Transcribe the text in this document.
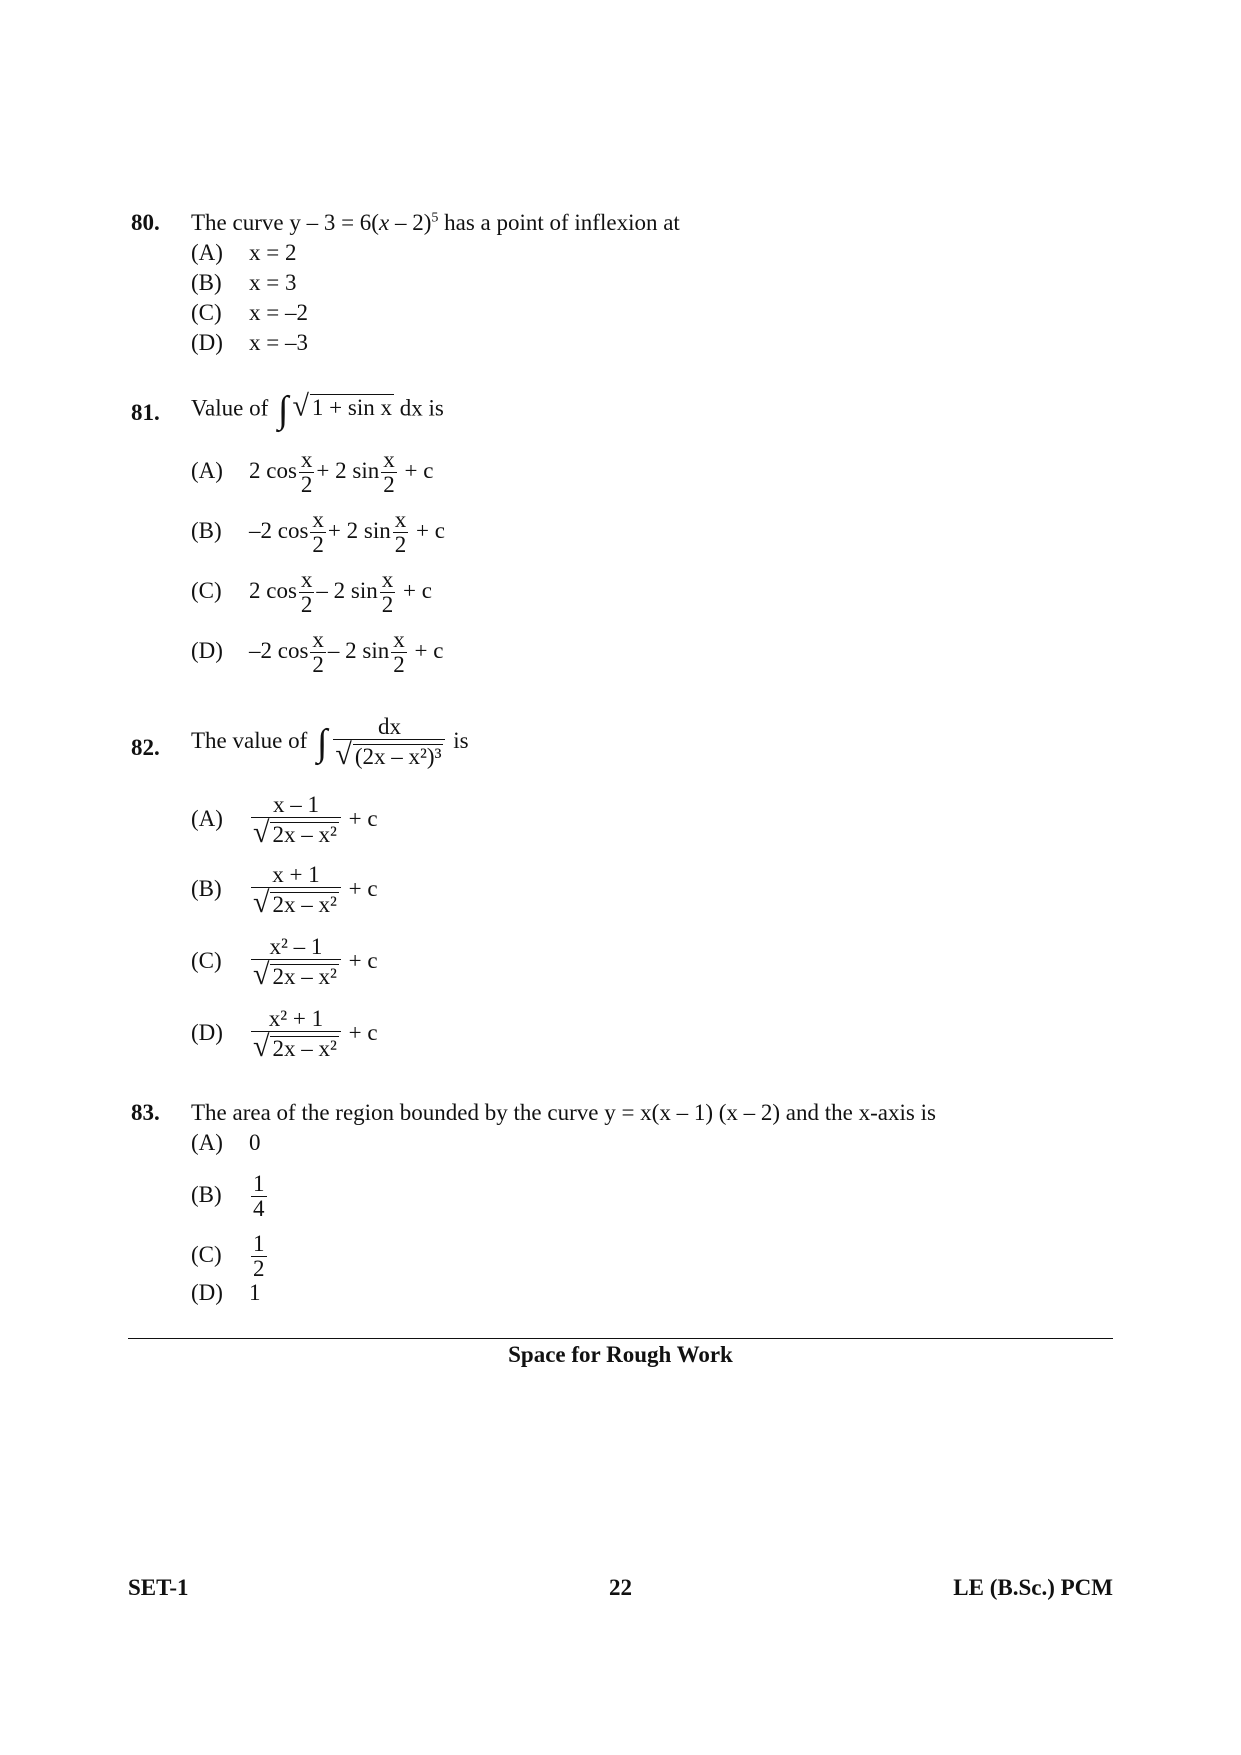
80. The curve y – 3 = 6(x – 2)$^5$ has a point of inflexion at
(A) x = 2
(B) x = 3
(C) x = –2
(D) x = –3
81. Value of ∫ √ 1 + sin x dx is
(A) 2 $\cos \frac{x}{2} + 2$ $\sin \frac{x}{2} + c$
(B) –2 $\cos \frac{x}{2} + 2$ $\sin \frac{x}{2} + c$
(C) 2 $\cos \frac{x}{2} - 2$ $\sin \frac{x}{2} + c$
(D) –2 $\cos \frac{x}{2} - 2$ $\sin \frac{x}{2} + c$
82. The value of ∫ $\frac{dx}{\text{√ (2x – x²)³}}$ is
$(A) \frac{x - 1}{\text{√ 2x – x²}} + c$
$(B) \frac{x + 1}{\text{√ 2x – x²}} + c$
$(C) \frac{\text{x² – 1}}{\text{√ 2x – x²}} + c$
$(D) \frac{\text{x² + 1}}{\text{√ 2x – x²}} + c$
83. The area of the region bounded by the curve y = x(x – 1) (x – 2) and the x-axis is
(A) 0
$(B) \frac{1}{4}$
$(C) \frac{1}{2}$
(D) 1
Space for Rough Work
SET-1	22	LE (B.Sc.) PCM
